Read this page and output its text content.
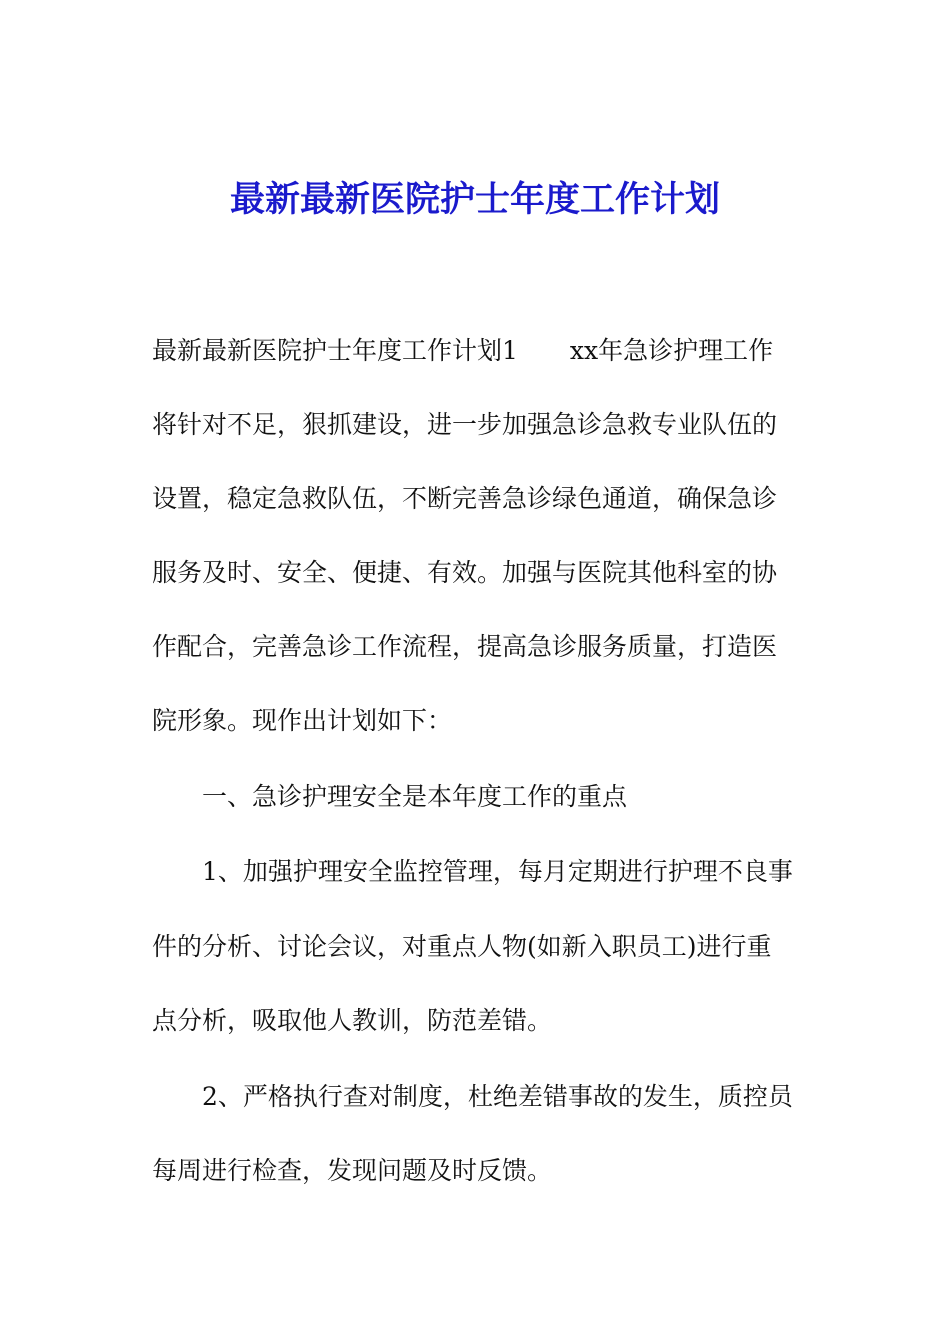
最新最新医院护士年度工作计划
最新最新医院护士年度工作计划1 xx年急诊护理工作
将针对不足，狠抓建设，进一步加强急诊急救专业队伍的
设置，稳定急救队伍，不断完善急诊绿色通道，确保急诊
服务及时、安全、便捷、有效。加强与医院其他科室的协
作配合，完善急诊工作流程，提高急诊服务质量，打造医
院形象。现作出计划如下：
一、急诊护理安全是本年度工作的重点
1、加强护理安全监控管理，每月定期进行护理不良事
件的分析、讨论会议，对重点人物(如新入职员工)进行重
点分析，吸取他人教训，防范差错。
2、严格执行查对制度，杜绝差错事故的发生，质控员
每周进行检查，发现问题及时反馈。
